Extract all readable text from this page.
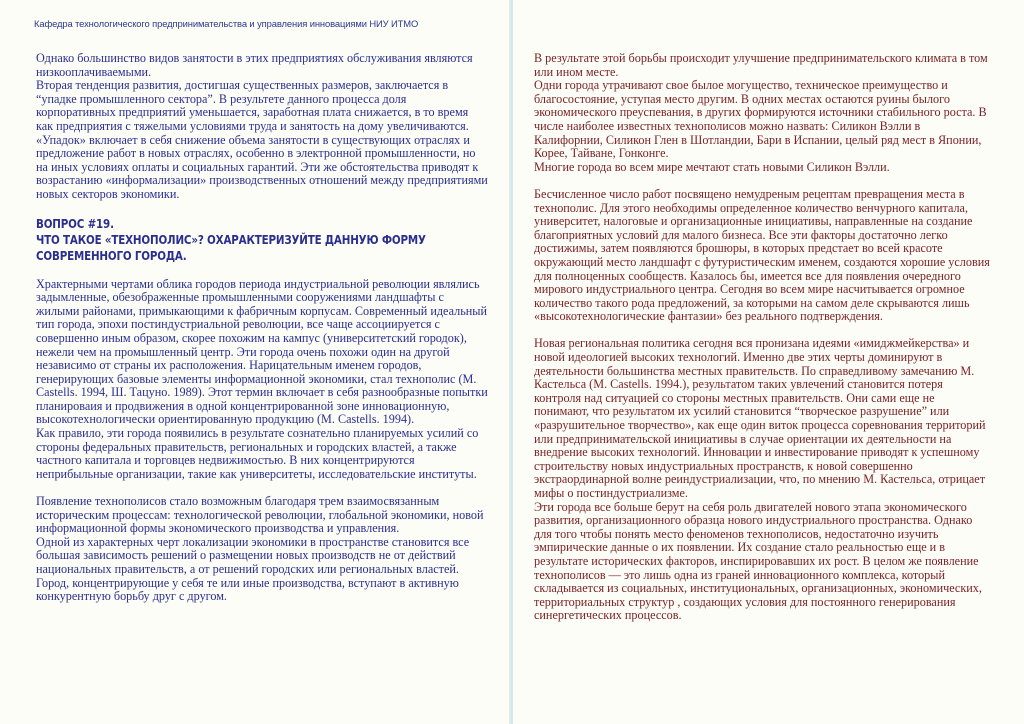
Кафедра технологического предпринимательства и управления инновациями НИУ ИТМО

Однако большинство видов занятости в этих предприятиях обслуживания являются низкооплачиваемыми.

Вторая тенденция развития, достигшая существенных размеров, заключается в “упадке промышленного сектора”. В результете данного процесса доля корпоративных предприятий уменьшается, заработная плата снижается, в то время как предприятия с тяжелыми условиями труда и занятость на дому увеличиваются. «Упадок» включает в себя снижение объема занятости в существующих отраслях и предложение работ в новых отраслях, особенно в электронной промышленности, но на иных условиях оплаты и социальных гарантий. Эти же обстоятельства приводят к возрастанию «информализации» производственных отношений между предприятиями новых секторов экономики.

ВОПРОС #19.
ЧТО ТАКОЕ «ТЕХНОПОЛИС»? ОХАРАКТЕРИЗУЙТЕ ДАННУЮ ФОРМУ
СОВРЕМЕННОГО ГОРОДА.

Храктерными чертами облика городов периода индустриальной революции являлись задымленные, обезображенные промышленными сооружениями ландшафты с жилыми районами, примыкающими к фабричным корпусам. Современный идеальный тип города, эпохи постиндустриальной революции, все чаще ассоциируется с совершенно иным образом, скорее похожим на кампус (университетский городок), нежели чем на промышленный центр. Эти города очень похожи один на другой независимо от страны их расположения. Нарицательным именем городов, генерирующих базовые элементы информационной экономики, стал технополис (M. Castells. 1994, Ш. Тацуно. 1989). Этот термин включает в себя разнообразные попытки планироваия и продвижения в одной концентрированной зоне инновационную, высокотехнологически ориентированную продукцию (M. Castells. 1994).

Как правило, эти города появились в результате сознательно планируемых усилий со стороны федеральных правительств, региональных и городских властей, а также частного капитала и торговцев недвижимостью. В них концентрируются неприбыльные организации, такие как университеты, исследовательские институты.

Появление технополисов стало возможным благодаря трем взаимосвязанным историческим процессам: технологической революции, глобальной экономики, новой информационной формы экономического производства и управления.

Одной из характерных черт локализации экономики в пространстве становится все большая зависимость решений о размещении новых производств не от действий национальных правительств, а от решений городских или региональных властей. Город, концентрирующие у себя те или иные производства, вступают в активную конкурентную борьбу друг с другом.

В результате этой борьбы происходит улучшение предпринимательского климата в том или ином месте.

Одни города утрачивают свое былое могущество, техническое преимущество и благосостояние, уступая место другим. В одних местах остаются руины былого экономического преуспевания, в других формируются источники стабильного роста. В числе наиболее известных технополисов можно назвать: Силикон Вэлли в Калифорнии, Силикон Глен в Шотландии, Бари в Испании, целый ряд мест в Японии, Корее, Тайване, Гонконге.

Многие города во всем мире мечтают стать новыми Силикон Вэлли.

Бесчисленное число работ посвящено немудреным рецептам превращения места в технополис. Для этого необходимы определенное количество венчурного капитала, университет, налоговые и организационные инициативы, направленные на создание благоприятных условий для малого бизнеса. Все эти факторы достаточно легко достижимы, затем появляются брошюры, в которых предстает во всей красоте окружающий место ландшафт с футуристическим именем, создаются хорошие условия для полноценных сообществ. Казалось бы, имеется все для появления очередного мирового индустриального центра. Сегодня во всем мире насчитывается огромное количество такого рода предложений, за которыми на самом деле скрываются лишь «высокотехнологические фантазии» без реального подтверждения.

Новая региональная политика сегодня вся пронизана идеями «имиджмейкерства» и новой идеологией высоких технологий. Именно две этих черты доминируют в деятельности большинства местных правительств. По справедливому замечанию М. Кастельса (M. Castells. 1994.), результатом таких увлечений становится потеря контроля над ситуацией со стороны местных правительств. Они сами еще не понимают, что результатом их усилий становится “творческое разрушение” или «разрушительное творчество», как еще один виток процесса соревнования территорий или предпринимательской инициативы в случае ориентации их деятельности на внедрение высоких технологий. Инновации и инвестирование приводят к успешному строительству новых индустриальных пространств, к новой совершенно экстраординарной волне реиндустриализации, что, по мнению М. Кастельса, отрицает мифы о постиндустриализме.

Эти города все больше берут на себя роль двигателей нового этапа экономического развития, организационного образца нового индустриального пространства. Однако для того чтобы понять место феноменов технополисов, недостаточно изучить эмпирические данные о их появлении. Их создание стало реальностью еще и в результате исторических факторов, инспирировавших их рост. В целом же появление технополисов — это лишь одна из граней инновационного комплекса, который складывается из социальных, институциональных, организационных, экономических, территориальных структур , создающих условия для постоянного генерирования синергетических процессов.
